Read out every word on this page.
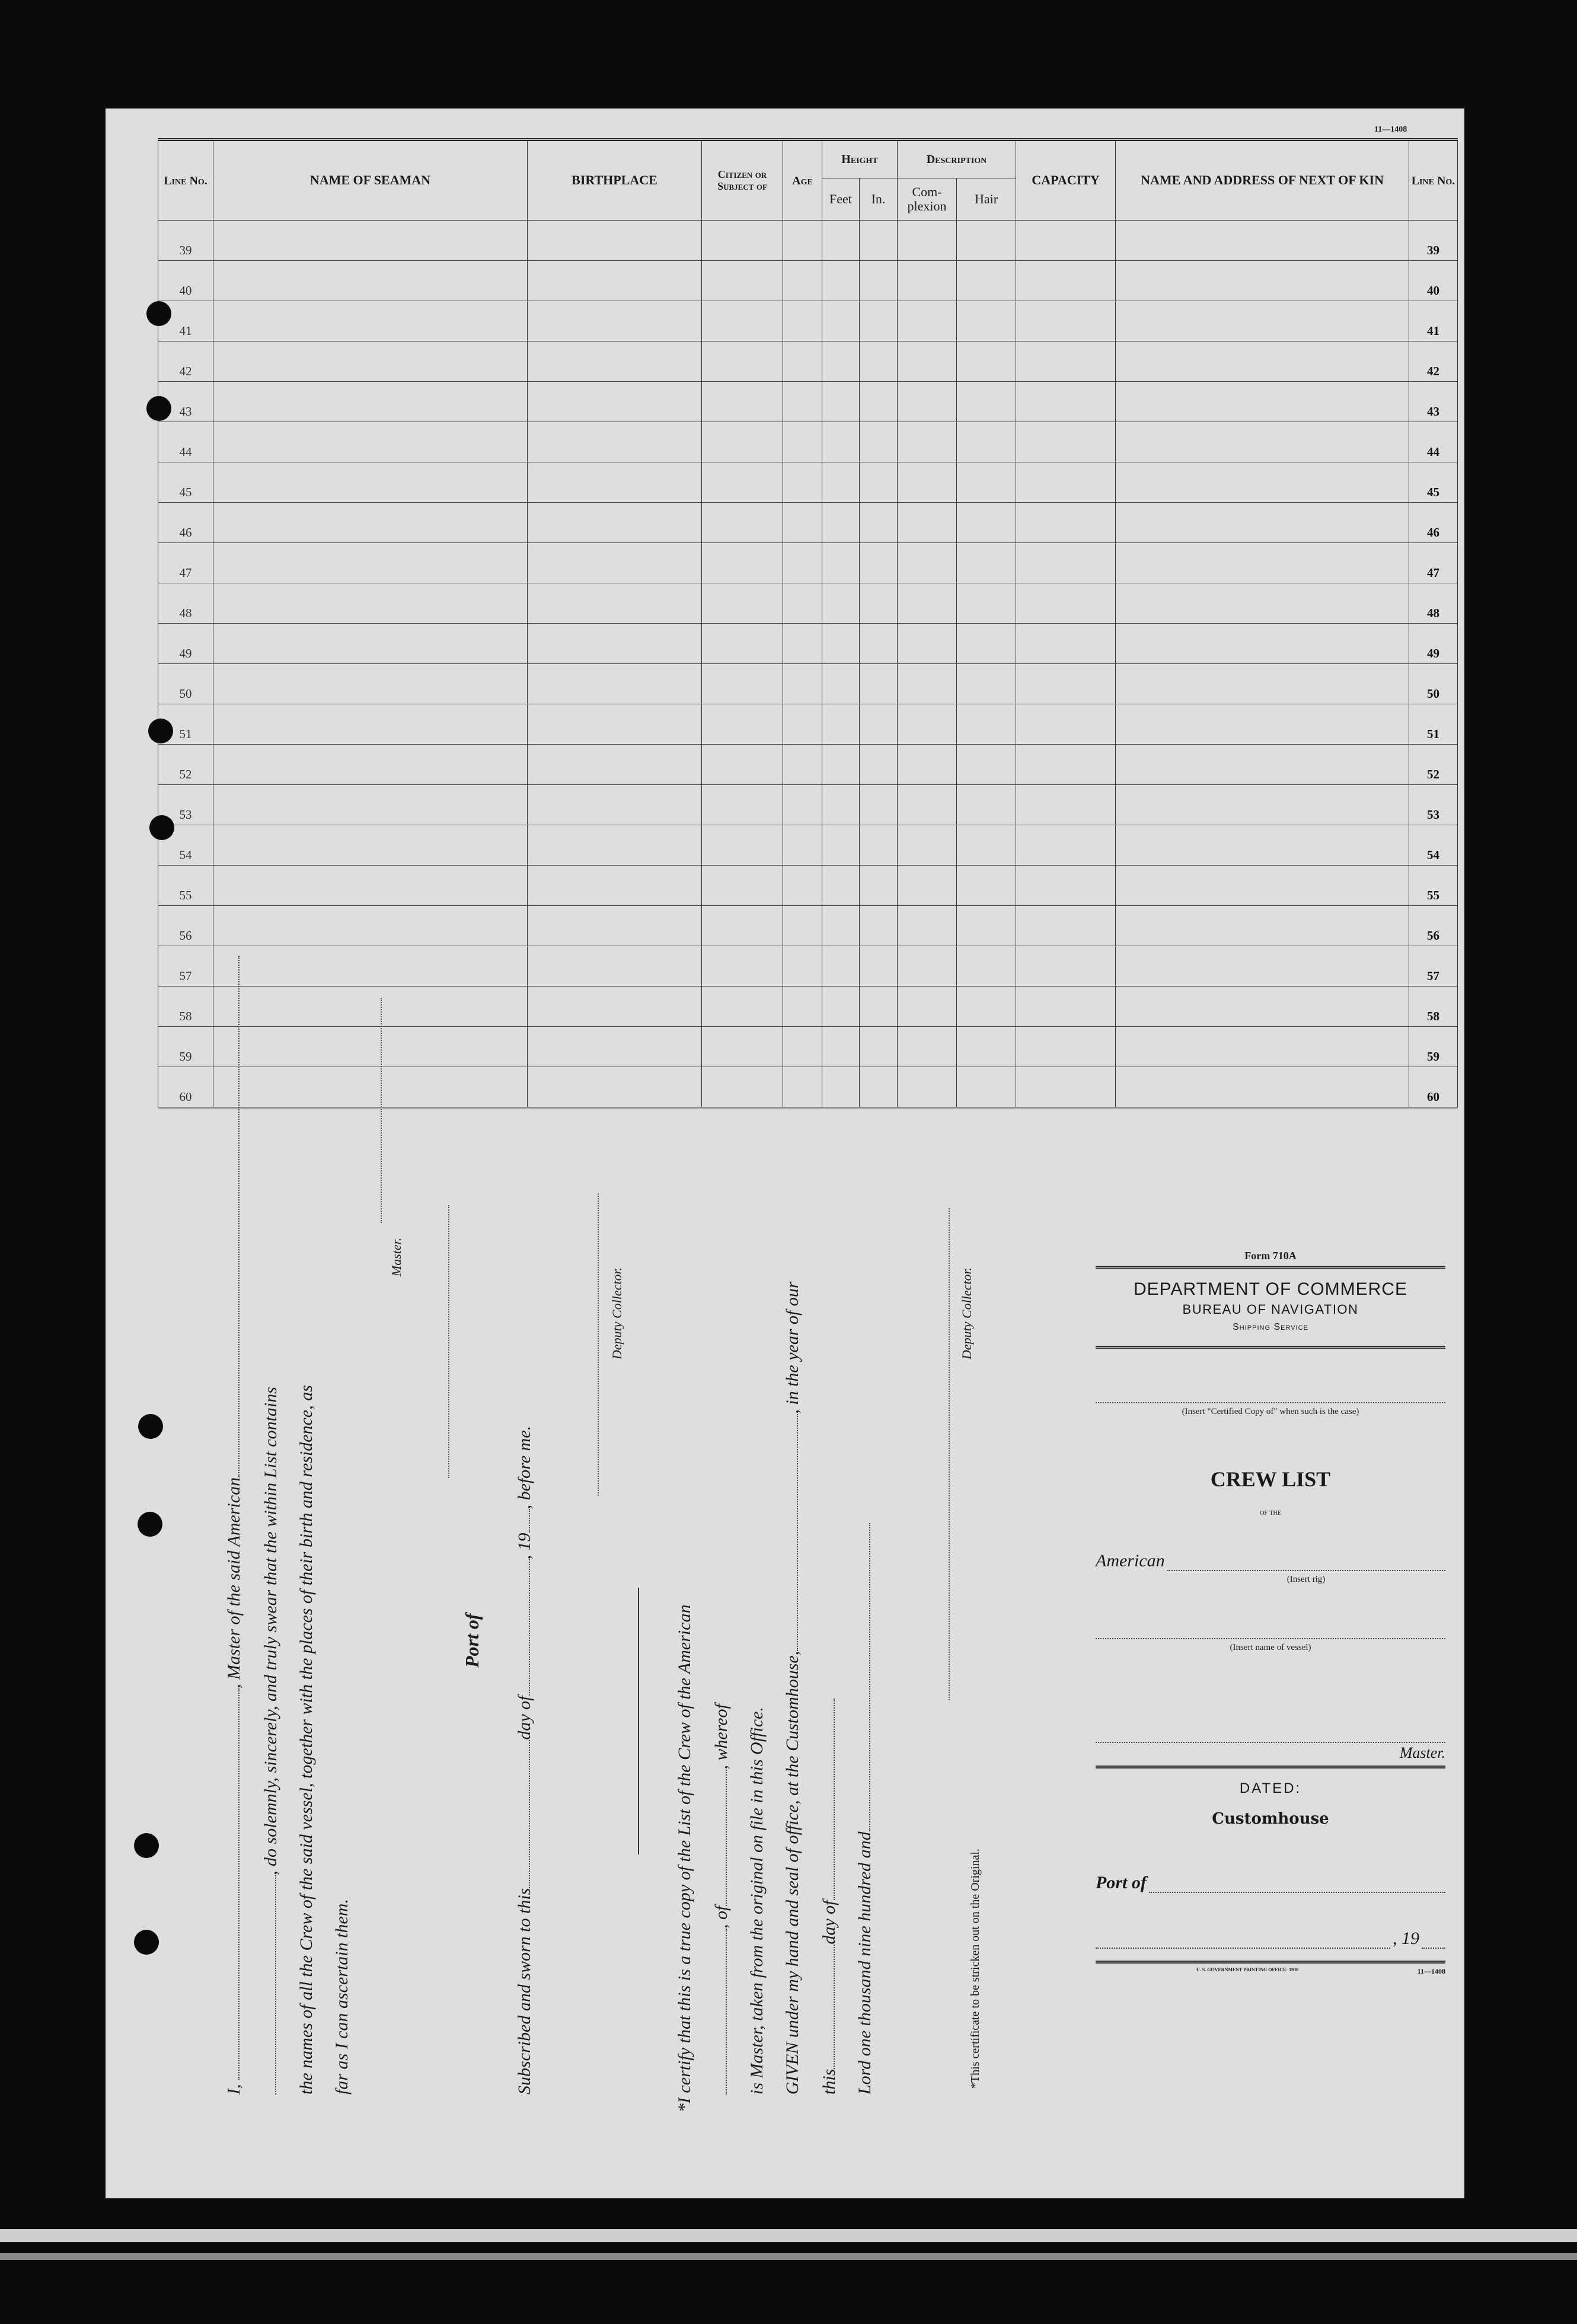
11—1408
Line No.	NAME OF SEAMAN	BIRTHPLACE	Citizen or Subject of	Age	Height		Description		CAPACITY	NAME AND ADDRESS OF NEXT OF KIN	Line No.
					Feet	In.	Com- plexion	Hair			
39											39
40											40
41											41
42											42
43											43
44											44
45											45
46											46
47											47
48											48
49											49
50											50
51											51
52											52
53											53
54											54
55											55
56											56
57											57
58											58
59											59
60											60
I, , Master of the said American , do solemnly, sincerely, and truly swear that the within List contains the names of all the Crew of the said vessel, together with the places of their birth and residence, as far as I can ascertain them.
Master.
Port of
Subscribed and sworn to thisday of, 19, before me.
Deputy Collector.
*I certify that this is a true copy of the List of the Crew of the American , of, whereof is Master, taken from the original on file in this Office. GIVEN under my hand and seal of office, at the Customhouse,, in the year of our
thisday of Lord one thousand nine hundred and
Deputy Collector.
*This certificate to be stricken out on the Original.
Form 710A
DEPARTMENT OF COMMERCE
BUREAU OF NAVIGATION
Shipping Service
(Insert "Certified Copy of" when such is the case)
CREW LIST
of the
American
(Insert rig)
(Insert name of vessel)
Master.
DATED:
Customhouse
Port of
, 19
U. S. GOVERNMENT PRINTING OFFICE: 1930	11—1408
